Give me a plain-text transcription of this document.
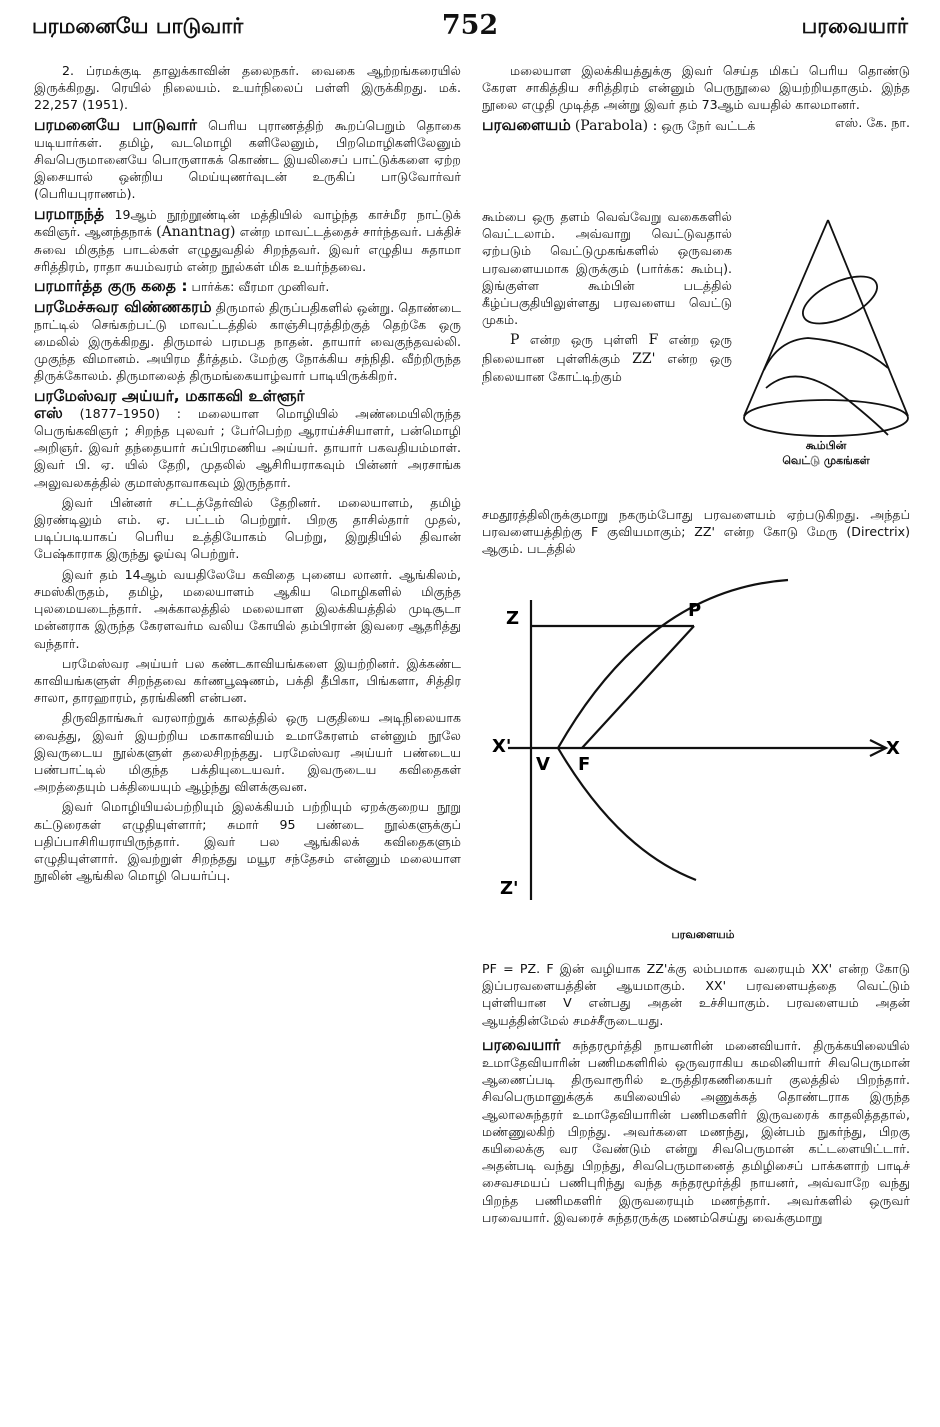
பரமனையே பாடுவார்	752	பரவையார்

2. ப்ரமக்குடி தாலுக்காவின் தலைநகர். வைகை ஆற்றங்கரையில் இருக்கிறது. ரெயில் நிலையம். உயர்நிலைப் பள்ளி இருக்கிறது. மக். 22,257 (1951).

பரமனையே பாடுவார் பெரிய புராணத்திற் கூறப்பெறும் தொகை யடியார்கள். தமிழ், வடமொழி களிலேனும், பிறமொழிகளிலேனும் சிவபெருமானையே பொருளாகக் கொண்ட இயலிசைப் பாட்டுக்களை ஏற்ற இசையால் ஒன்றிய மெய்யுணர்வுடன் உருகிப் பாடுவோர்வர் (பெரியபுராணம்).

பரமாநந்த் 19ஆம் நூற்றூண்டின் மத்தியில் வாழ்ந்த காச்மீர நாட்டுக் கவிஞர். ஆனந்தநாக் (Anantnag) என்ற மாவட்டத்தைச் சார்ந்தவர். பக்திச் சுவை மிகுந்த பாடல்கள் எழுதுவதில் சிறந்தவர். இவர் எழுதிய சுதாமா சரித்திரம், ராதா சுயம்வரம் என்ற நூல்கள் மிக உயர்ந்தவை.

பரமார்த்த குரு கதை : பார்க்க: வீரமா முனிவர்.

பரமேச்சுவர விண்ணகரம் திருமால் திருப்பதிகளில் ஒன்று. தொண்டை நாட்டில் செங்கற்பட்டு மாவட்டத்தில் காஞ்சிபுரத்திற்குத் தெற்கே ஒரு மைலில் இருக்கிறது. திருமால் பரமபத நாதன். தாயார் வைகுந்தவல்லி. முகுந்த விமானம். அயிரம தீர்த்தம். மேற்கு நோக்கிய சந்நிதி. வீற்றிருந்த திருக்கோலம். திருமாலைத் திருமங்கையாழ்வார் பாடியிருக்கிறர்.

பரமேஸ்வர அய்யர், மகாகவி உள்ளூர்
எஸ் (1877–1950) : மலையாள மொழியில் அண்மையிலிருந்த பெருங்கவிஞர் ; சிறந்த புலவர் ; பேர்பெற்ற ஆராய்ச்சியாளர், பன்மொழி அறிஞர். இவர் தந்தையார் சுப்பிரமணிய அய்யர். தாயார் பகவதியம்மாள். இவர் பி. ஏ. யில் தேறி, முதலில் ஆசிரியராகவும் பின்னர் அரசாங்க அலுவலகத்தில் குமாஸ்தாவாகவும் இருந்தார்.

இவர் பின்னர் சட்டத்தேர்வில் தேறினர். மலையாளம், தமிழ் இரண்டிலும் எம். ஏ. பட்டம் பெற்றூர். பிறகு தாசில்தார் முதல், படிப்படியாகப் பெரிய உத்தியோகம் பெற்று, இறுதியில் திவான் பேஷ்காராக இருந்து ஓய்வு பெற்றுர்.

இவர் தம் 14ஆம் வயதிலேயே கவிதை புனைய லானர். ஆங்கிலம், சமஸ்கிருதம், தமிழ், மலையாளம் ஆகிய மொழிகளில் மிகுந்த புலமையடைந்தார். அக்காலத்தில் மலையாள இலக்கியத்தில் முடிசூடா மன்னராக இருந்த கேரளவர்ம வலிய கோயில் தம்பிரான் இவரை ஆதரித்து வந்தார்.

பரமேஸ்வர அய்யர் பல கண்டகாவியங்களை இயற்றினர். இக்கண்ட காவியங்களுள் சிறந்தவை கர்ணபூஷணம், பக்தி தீபிகா, பிங்களா, சித்திர சாலா, தாரஹாரம், தரங்கிணி என்பன.

திருவிதாங்கூர் வரலாற்றுக் காலத்தில் ஒரு பகுதியை அடிநிலையாக வைத்து, இவர் இயற்றிய மகாகாவியம் உமாகேரளம் என்னும் நூலே இவருடைய நூல்களுள் தலைசிறந்தது. பரமேஸ்வர அய்யர் பண்டைய பண்பாட்டில் மிகுந்த பக்தியுடையவர். இவருடைய கவிதைகள் அறத்தையும் பக்தியையும் ஆழ்ந்து விளக்குவன.

இவர் மொழியியல்பற்றியும் இலக்கியம் பற்றியும் ஏறக்குறைய நூறு கட்டுரைகள் எழுதியுள்ளார்; சுமார் 95 பண்டை நூல்களுக்குப் பதிப்பாசிரியராயிருந்தார். இவர் பல ஆங்கிலக் கவிதைகளும் எழுதியுள்ளார். இவற்றுள் சிறந்தது மயூர சந்தேசம் என்னும் மலையாள நூலின் ஆங்கில மொழி பெயர்ப்பு.

மலையாள இலக்கியத்துக்கு இவர் செய்த மிகப் பெரிய தொண்டு கேரள சாகித்திய சரித்திரம் என்னும் பெருநூலை இயற்றியதாகும். இந்த நூலை எழுதி முடித்த அன்று இவர் தம் 73ஆம் வயதில் காலமானர்.
எஸ். கே. நா.

பரவளையம் (Parabola) : ஒரு நேர் வட்டக்

கூம்பை ஒரு தளம் வெவ்வேறு வகைகளில் வெட்டலாம். அவ்வாறு வெட்டுவதால் ஏற்படும் வெட்டுமுகங்களில் ஒருவகை பரவளையமாக இருக்கும் (பார்க்க: கூம்பு). இங்குள்ள கூம்பின் படத்தில் கீழ்ப்பகுதியிலுள்ளது பரவளைய வெட்டு முகம்.

P என்ற ஒரு புள்ளி F என்ற ஒரு நிலையான புள்ளிக்கும் ZZ' என்ற ஒரு நிலையான கோட்டிற்கும்

கூம்பின்
வெட்டு முகங்கள்

சமதூரத்திலிருக்குமாறு நகரும்போது பரவளையம் ஏற்படுகிறது. அந்தப் பரவளையத்திற்கு F குவியமாகும்; ZZ' என்ற கோடு மேரு (Directrix) ஆகும். படத்தில்

Z
Z'
X'	X
V F
P
பரவளையம்

PF = PZ. F இன் வழியாக ZZ'க்கு லம்பமாக வரையும் XX' என்ற கோடு இப்பரவளையத்தின் ஆயமாகும். XX' பரவளையத்தை வெட்டும் புள்ளியான V என்பது அதன் உச்சியாகும். பரவளையம் அதன் ஆயத்தின்மேல் சமச்சீருடையது.

பரவையார் சுந்தரமூர்த்தி நாயனரின் மனைவியார். திருக்கயிலையில் உமாதேவியாரின் பணிமகளிரில் ஒருவராகிய கமலினியார் சிவபெருமான் ஆணைப்படி திருவாரூரில் உருத்திரகணிகையர் குலத்தில் பிறந்தார். சிவபெருமானுக்குக் கயிலையில் அணுக்கத் தொண்டராக இருந்த ஆலாலசுந்தரர் உமாதேவியாரின் பணிமகளிர் இருவரைக் காதலித்ததால், மண்ணுலகிற் பிறந்து. அவர்களை மணந்து, இன்பம் நுகர்ந்து, பிறகு கயிலைக்கு வர வேண்டும் என்று சிவபெருமான் கட்டளையிட்டார். அதன்படி வந்து பிறந்து, சிவபெருமானைத் தமிழிசைப் பாக்களாற் பாடிச் சைவசமயப் பணிபுரிந்து வந்த சுந்தரமூர்த்தி நாயனர், அவ்வாறே வந்து பிறந்த பணிமகளிர் இருவரையும் மணந்தார். அவர்களில் ஒருவர் பரவையார். இவரைச் சுந்தரருக்கு மணம்செய்து வைக்குமாறு
